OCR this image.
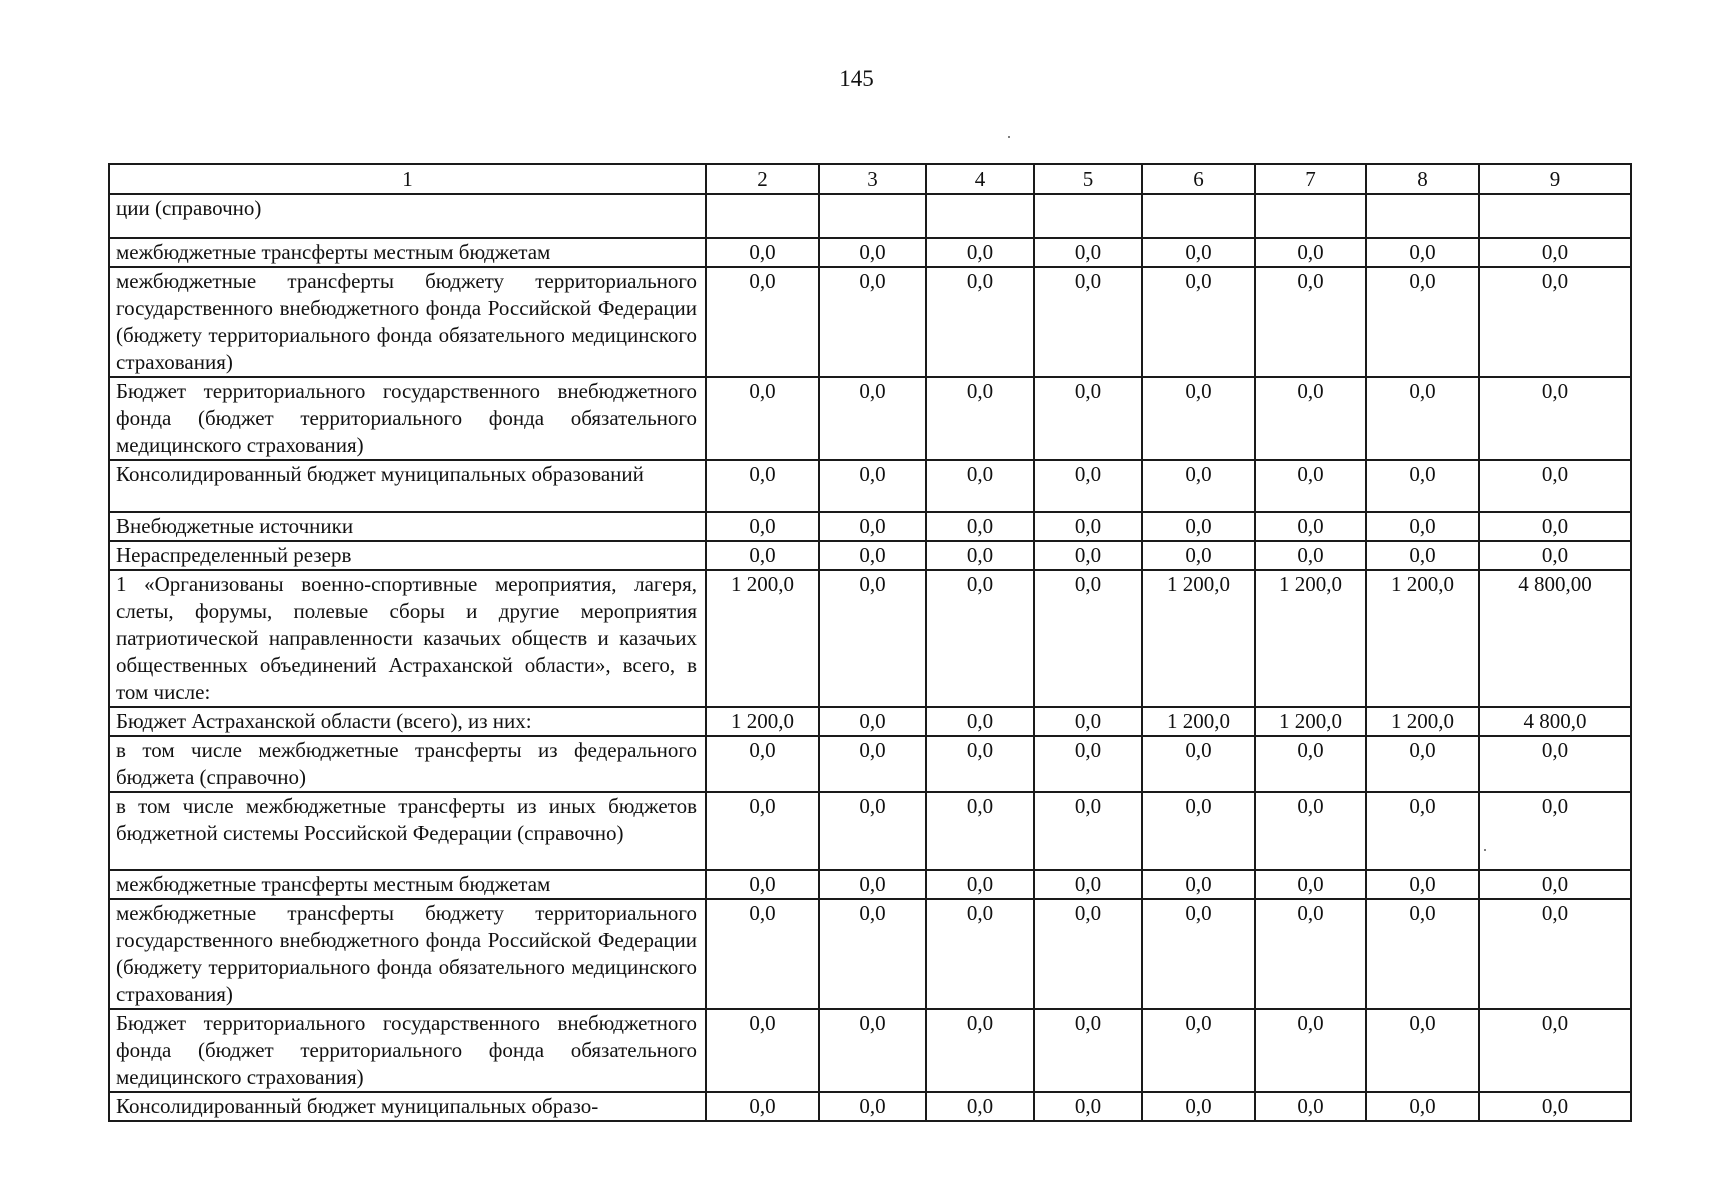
145
1	2	3	4	5	6	7	8	9
ции (справочно)								
межбюджетные трансферты местным бюджетам	0,0	0,0	0,0	0,0	0,0	0,0	0,0	0,0
межбюджетные трансферты бюджету территориального государственного внебюджетного фонда Российской Федерации (бюджету территориального фонда обязательного медицинского страхования)	0,0	0,0	0,0	0,0	0,0	0,0	0,0	0,0
Бюджет территориального государственного внебюджетного фонда (бюджет территориального фонда обязательного медицинского страхования)	0,0	0,0	0,0	0,0	0,0	0,0	0,0	0,0
Консолидированный бюджет муниципальных образований	0,0	0,0	0,0	0,0	0,0	0,0	0,0	0,0
Внебюджетные источники	0,0	0,0	0,0	0,0	0,0	0,0	0,0	0,0
Нераспределенный резерв	0,0	0,0	0,0	0,0	0,0	0,0	0,0	0,0
1 «Организованы военно-спортивные мероприятия, лагеря, слеты, форумы, полевые сборы и другие мероприятия патриотической направленности казачьих обществ и казачьих общественных объединений Астраханской области», всего, в том числе:	1 200,0	0,0	0,0	0,0	1 200,0	1 200,0	1 200,0	4 800,00
Бюджет Астраханской области (всего), из них:	1 200,0	0,0	0,0	0,0	1 200,0	1 200,0	1 200,0	4 800,0
в том числе межбюджетные трансферты из федерального бюджета (справочно)	0,0	0,0	0,0	0,0	0,0	0,0	0,0	0,0
в том числе межбюджетные трансферты из иных бюджетов бюджетной системы Российской Федерации (справочно)	0,0	0,0	0,0	0,0	0,0	0,0	0,0	0,0
межбюджетные трансферты местным бюджетам	0,0	0,0	0,0	0,0	0,0	0,0	0,0	0,0
межбюджетные трансферты бюджету территориального государственного внебюджетного фонда Российской Федерации (бюджету территориального фонда обязательного медицинского страхования)	0,0	0,0	0,0	0,0	0,0	0,0	0,0	0,0
Бюджет территориального государственного внебюджетного фонда (бюджет территориального фонда обязательного медицинского страхования)	0,0	0,0	0,0	0,0	0,0	0,0	0,0	0,0
Консолидированный бюджет муниципальных образо-	0,0	0,0	0,0	0,0	0,0	0,0	0,0	0,0
